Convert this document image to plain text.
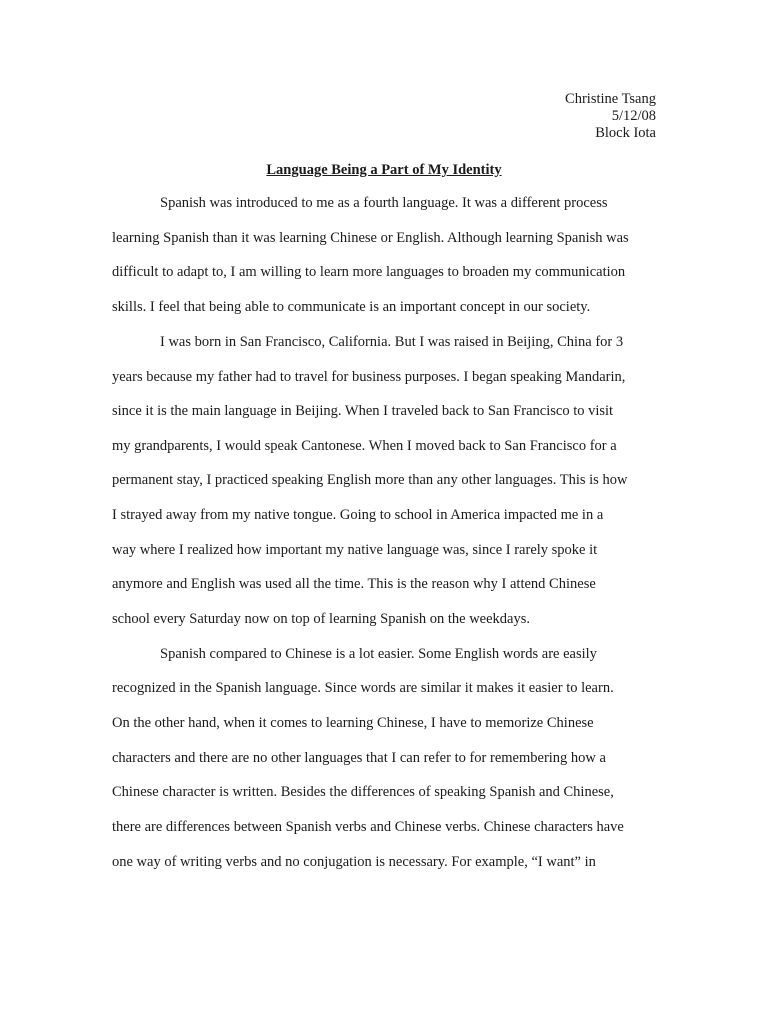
Christine Tsang
5/12/08
Block Iota
Language Being a Part of My Identity
Spanish was introduced to me as a fourth language. It was a different process
learning Spanish than it was learning Chinese or English. Although learning Spanish was
difficult to adapt to, I am willing to learn more languages to broaden my communication
skills. I feel that being able to communicate is an important concept in our society.
I was born in San Francisco, California. But I was raised in Beijing, China for 3
years because my father had to travel for business purposes. I began speaking Mandarin,
since it is the main language in Beijing. When I traveled back to San Francisco to visit
my grandparents, I would speak Cantonese. When I moved back to San Francisco for a
permanent stay, I practiced speaking English more than any other languages. This is how
I strayed away from my native tongue. Going to school in America impacted me in a
way where I realized how important my native language was, since I rarely spoke it
anymore and English was used all the time. This is the reason why I attend Chinese
school every Saturday now on top of learning Spanish on the weekdays.
Spanish compared to Chinese is a lot easier. Some English words are easily
recognized in the Spanish language. Since words are similar it makes it easier to learn.
On the other hand, when it comes to learning Chinese, I have to memorize Chinese
characters and there are no other languages that I can refer to for remembering how a
Chinese character is written. Besides the differences of speaking Spanish and Chinese,
there are differences between Spanish verbs and Chinese verbs. Chinese characters have
one way of writing verbs and no conjugation is necessary. For example, “I want” in
